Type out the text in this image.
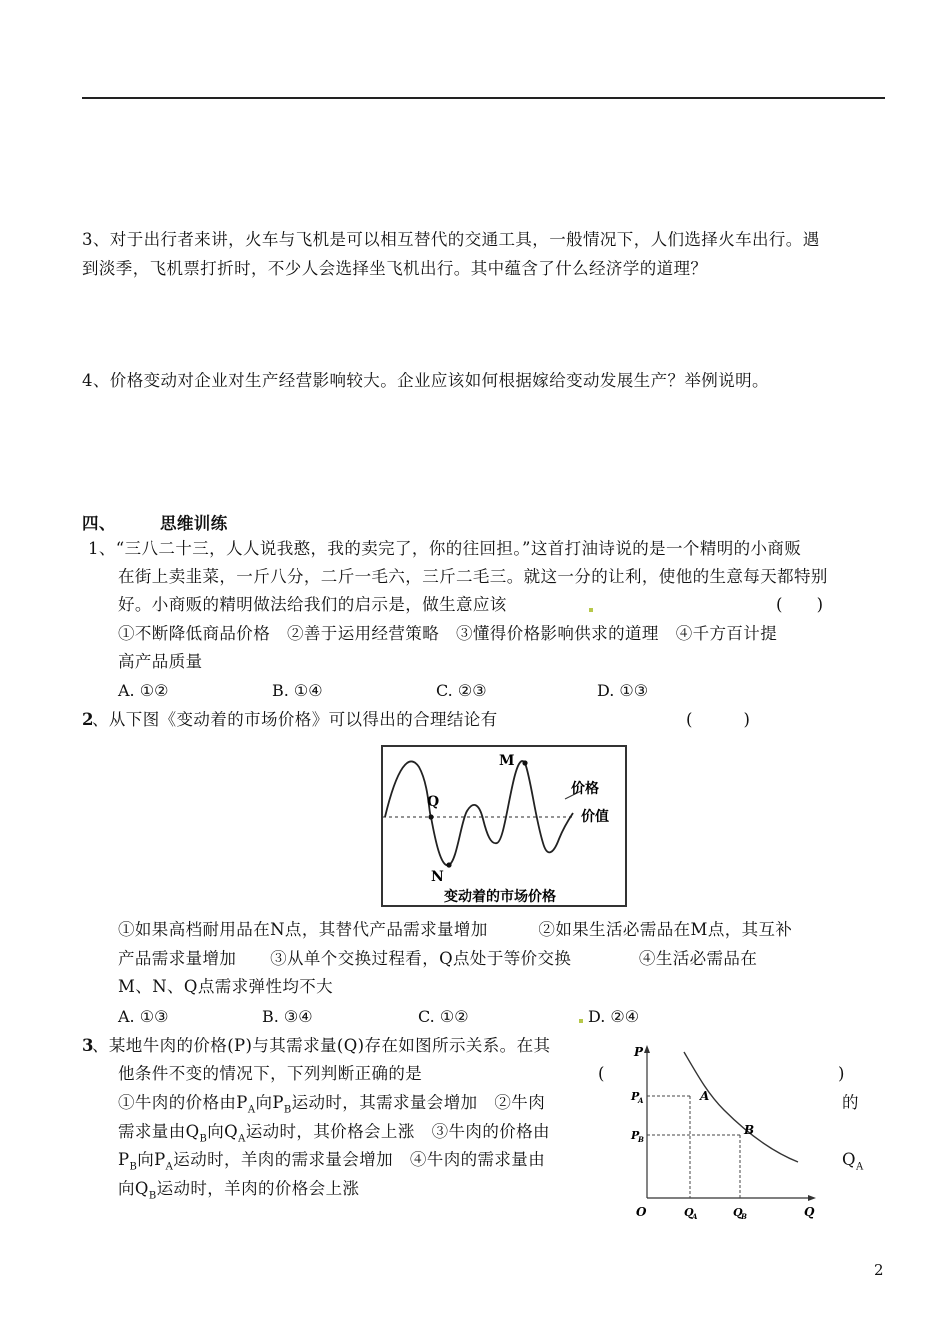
3、对于出行者来讲，火车与飞机是可以相互替代的交通工具，一般情况下，人们选择火车出行。遇
到淡季，飞机票打折时，不少人会选择坐飞机出行。其中蕴含了什么经济学的道理？
4、价格变动对企业对生产经营影响较大。企业应该如何根据嫁给变动发展生产？举例说明。
四、	思维训练
1、“三八二十三，人人说我憨，我的卖完了，你的往回担。”这首打油诗说的是一个精明的小商贩
在街上卖韭菜，一斤八分，二斤一毛六，三斤二毛三。就这一分的让利，使他的生意每天都特别
好。小商贩的精明做法给我们的启示是，做生意应该	(　　)
①不断降低商品价格　②善于运用经营策略　③懂得价格影响供求的道理　④千方百计提
高产品质量
A. ①②	B. ①④	C. ②③	D. ①③
2
、从下图《变动着的市场价格》可以得出的合理结论有	(　　　)
Q
M
N
价格
价值
变动着的市场价格
①如果高档耐用品在N点，其替代产品需求量增加　　　②如果生活必需品在M点，其互补
产品需求量增加　　③从单个交换过程看，Q点处于等价交换　　　　④生活必需品在
M、N、Q点需求弹性均不大
A. ①③	B. ③④	C. ①②	D. ②④
3
、某地牛肉的价格(P)与其需求量(Q)存在如图所示关系。在其
他条件不变的情况下，下列判断正确的是	(	)
①牛肉的价格由$P_A$向$P_B$运动时，其需求量会增加　②牛肉	的
需求量由$Q_B$向$Q_A$运动时，其价格会上涨　③牛肉的价格由
$P_B$向$P_A$运动时，羊肉的需求量会增加　④牛肉的需求量由	$Q_A$
向$Q_B$运动时，羊肉的价格会上涨
P
Q
O
P
A
P
B
Q
A	Q
B
A
B
2
